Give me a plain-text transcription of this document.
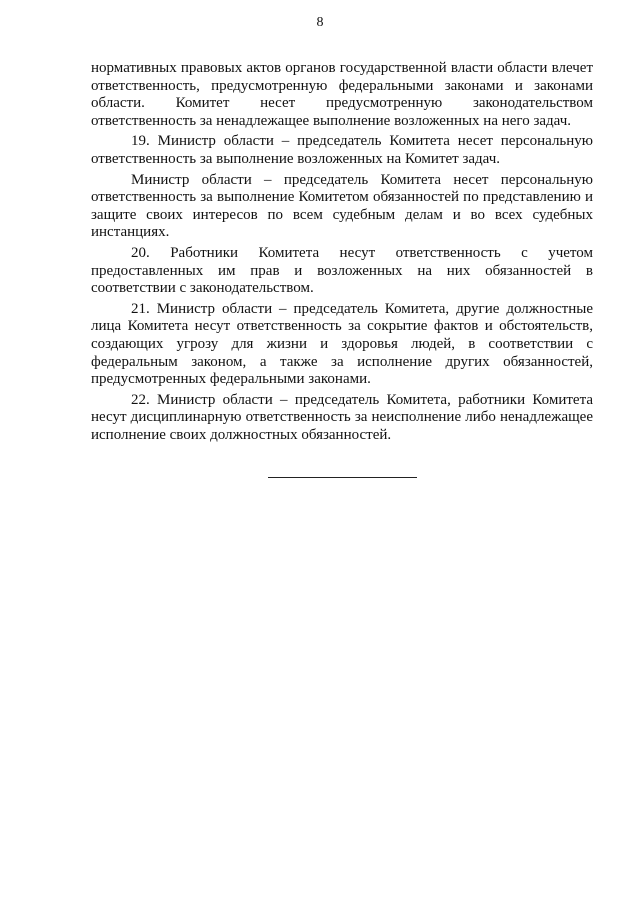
8

нормативных правовых актов органов государственной власти области влечет ответственность, предусмотренную федеральными законами и законами области. Комитет несет предусмотренную законодательством ответственность за ненадлежащее выполнение возложенных на него задач.

19. Министр области – председатель Комитета несет персональную ответственность за выполнение возложенных на Комитет задач.

Министр области – председатель Комитета несет персональную ответственность за выполнение Комитетом обязанностей по представлению и защите своих интересов по всем судебным делам и во всех судебных инстанциях.

20. Работники Комитета несут ответственность с учетом предоставленных им прав и возложенных на них обязанностей в соответствии с законодательством.

21. Министр области – председатель Комитета, другие должностные лица Комитета несут ответственность за сокрытие фактов и обстоятельств, создающих угрозу для жизни и здоровья людей, в соответствии с федеральным законом, а также за исполнение других обязанностей, предусмотренных федеральными законами.

22. Министр области – председатель Комитета, работники Комитета несут дисциплинарную ответственность за неисполнение либо ненадлежащее исполнение своих должностных обязанностей.
